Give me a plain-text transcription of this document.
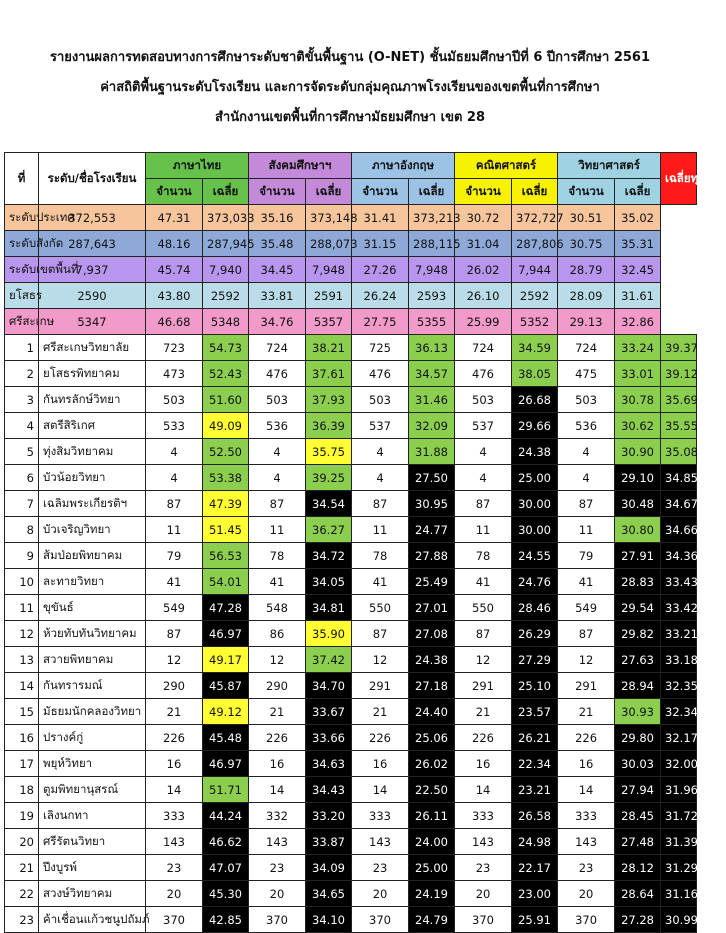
รายงานผลการทดสอบทางการศึกษาระดับชาติขั้นพื้นฐาน (O-NET) ชั้นมัธยมศึกษาปีที่ 6 ปีการศึกษา 2561
ค่าสถิติพื้นฐานระดับโรงเรียน และการจัดระดับกลุ่มคุณภาพโรงเรียนของเขตพื้นที่การศึกษา
สำนักงานเขตพื้นที่การศึกษามัธยมศึกษา เขต 28
ที่	ระดับ/ชื่อโรงเรียน	ภาษาไทย		สังคมศึกษาฯ		ภาษาอังกฤษ		คณิตศาสตร์		วิทยาศาสตร์		เฉลี่ยทุกวิชา
		จำนวน	เฉลี่ย	จำนวน	เฉลี่ย	จำนวน	เฉลี่ย	จำนวน	เฉลี่ย	จำนวน	เฉลี่ย	
ระดับประเทศ	372,553	47.31	373,033	35.16	373,148	31.41	373,213	30.72	372,727	30.51	35.02	
ระดับสังกัด	287,643	48.16	287,945	35.48	288,073	31.15	288,115	31.04	287,806	30.75	35.31	
ระดับเขตพื้นที่	7,937	45.74	7,940	34.45	7,948	27.26	7,948	26.02	7,944	28.79	32.45	
ยโสธร	2590	43.80	2592	33.81	2591	26.24	2593	26.10	2592	28.09	31.61	
ศรีสะเกษ	5347	46.68	5348	34.76	5357	27.75	5355	25.99	5352	29.13	32.86	
1	ศรีสะเกษวิทยาลัย	723	54.73	724	38.21	725	36.13	724	34.59	724	33.24	39.37
2	ยโสธรพิทยาคม	473	52.43	476	37.61	476	34.57	476	38.05	475	33.01	39.12
3	กันทรลักษ์วิทยา	503	51.60	503	37.93	503	31.46	503	26.68	503	30.78	35.69
4	สตรีสิริเกศ	533	49.09	536	36.39	537	32.09	537	29.66	536	30.62	35.55
5	ทุ่งสิมวิทยาคม	4	52.50	4	35.75	4	31.88	4	24.38	4	30.90	35.08
6	บัวน้อยวิทยา	4	53.38	4	39.25	4	27.50	4	25.00	4	29.10	34.85
7	เฉลิมพระเกียรติฯ	87	47.39	87	34.54	87	30.95	87	30.00	87	30.48	34.67
8	บัวเจริญวิทยา	11	51.45	11	36.27	11	24.77	11	30.00	11	30.80	34.66
9	ส้มป่อยพิทยาคม	79	56.53	78	34.72	78	27.88	78	24.55	79	27.91	34.36
10	ละทายวิทยา	41	54.01	41	34.05	41	25.49	41	24.76	41	28.83	33.43
11	ขุขันธ์	549	47.28	548	34.81	550	27.01	550	28.46	549	29.54	33.42
12	ห้วยทับทันวิทยาคม	87	46.97	86	35.90	87	27.08	87	26.29	87	29.82	33.21
13	สวายพิทยาคม	12	49.17	12	37.42	12	24.38	12	27.29	12	27.63	33.18
14	กันทรารมณ์	290	45.87	290	34.70	291	27.18	291	25.10	291	28.94	32.35
15	มัธยมนักคลองวิทยา	21	49.12	21	33.67	21	24.40	21	23.57	21	30.93	32.34
16	ปรางค์กู่	226	45.48	226	33.66	226	25.06	226	26.21	226	29.80	32.17
17	พยุห์วิทยา	16	46.97	16	34.63	16	26.02	16	22.34	16	30.03	32.00
18	ตูมพิทยานุสรณ์	14	51.71	14	34.43	14	22.50	14	23.21	14	27.94	31.96
19	เลิงนกทา	333	44.24	332	33.20	333	26.11	333	26.58	333	28.45	31.72
20	ศรีรัตนวิทยา	143	46.62	143	33.87	143	24.00	143	24.98	143	27.48	31.39
21	ปึงบูรพ์	23	47.07	23	34.09	23	25.00	23	22.17	23	28.12	31.29
22	สวงษ์วิทยาคม	20	45.30	20	34.65	20	24.19	20	23.00	20	28.64	31.16
23	ค้าเชื่อนแก้วชนูปถัมภ์	370	42.85	370	34.10	370	24.79	370	25.91	370	27.28	30.99
